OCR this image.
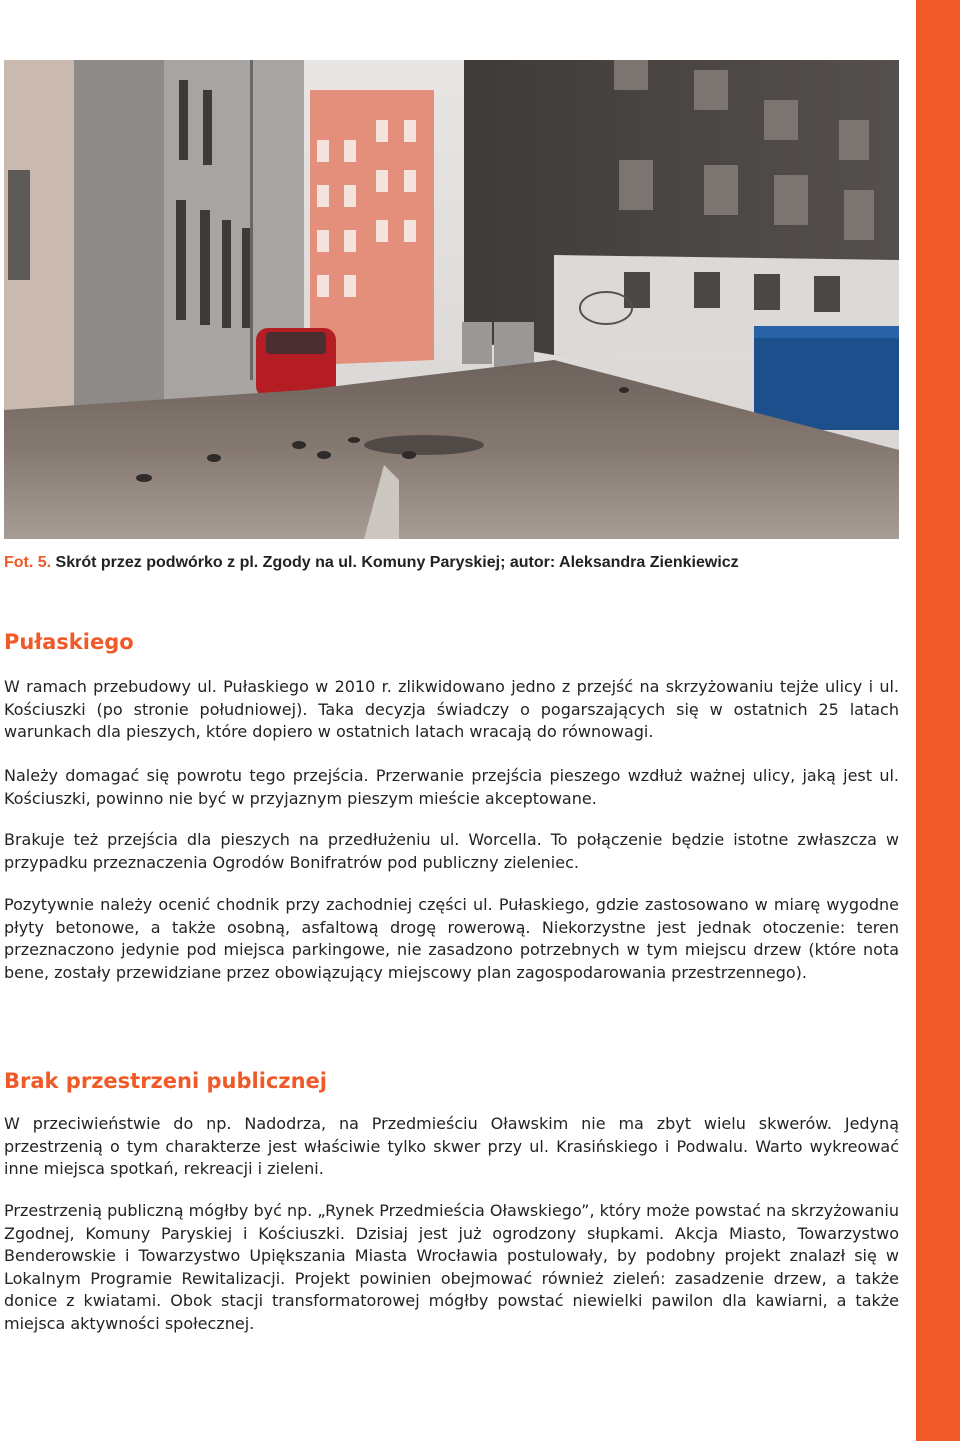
Fot. 5. Skrót przez podwórko z pl. Zgody na ul. Komuny Paryskiej; autor: Aleksandra Zienkiewicz
Pułaskiego

W ramach przebudowy ul. Pułaskiego w 2010 r. zlikwidowano jedno z przejść na skrzyżowaniu tejże ulicy i ul. Kościuszki (po stronie południowej). Taka decyzja świadczy o pogarszających się w ostatnich 25 latach warunkach dla pieszych, które dopiero w ostatnich latach wracają do równowagi.

Należy domagać się powrotu tego przejścia. Przerwanie przejścia pieszego wzdłuż ważnej ulicy, jaką jest ul. Kościuszki, powinno nie być w przyjaznym pieszym mieście akceptowane.

Brakuje też przejścia dla pieszych na przedłużeniu ul. Worcella. To połączenie będzie istotne zwłaszcza w przypadku przeznaczenia Ogrodów Bonifratrów pod publiczny zieleniec.

Pozytywnie należy ocenić chodnik przy zachodniej części ul. Pułaskiego, gdzie zastosowano w miarę wygodne płyty betonowe, a także osobną, asfaltową drogę rowerową. Niekorzystne jest jednak otoczenie: teren przeznaczono jedynie pod miejsca parkingowe, nie zasadzono potrzebnych w tym miejscu drzew (które nota bene, zostały przewidziane przez obowiązujący miejscowy plan zagospodarowania przestrzennego).

Brak przestrzeni publicznej

W przeciwieństwie do np. Nadodrza, na Przedmieściu Oławskim nie ma zbyt wielu skwerów. Jedyną przestrzenią o tym charakterze jest właściwie tylko skwer przy ul. Krasińskiego i Podwalu. Warto wykreować inne miejsca spotkań, rekreacji i zieleni.

Przestrzenią publiczną mógłby być np. „Rynek Przedmieścia Oławskiego”, który może powstać na skrzyżowaniu Zgodnej, Komuny Paryskiej i Kościuszki. Dzisiaj jest już ogrodzony słupkami. Akcja Miasto, Towarzystwo Benderowskie i Towarzystwo Upiększania Miasta Wrocławia postulowały, by podobny projekt znalazł się w Lokalnym Programie Rewitalizacji. Projekt powinien obejmować również zieleń: zasadzenie drzew, a także donice z kwiatami. Obok stacji transformatorowej mógłby powstać niewielki pawilon dla kawiarni, a także miejsca aktywności społecznej.
